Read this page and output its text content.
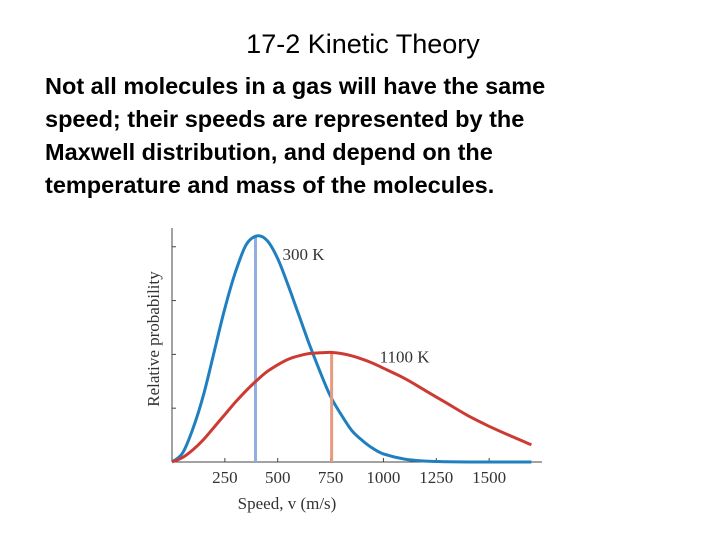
17-2 Kinetic Theory
Not all molecules in a gas will have the same
speed; their speeds are represented by the
Maxwell distribution, and depend on the
temperature and mass of the molecules.
250 500 750 1000 1250 1500
Speed, v (m/s)
Relative probability
300 K
1100 K
